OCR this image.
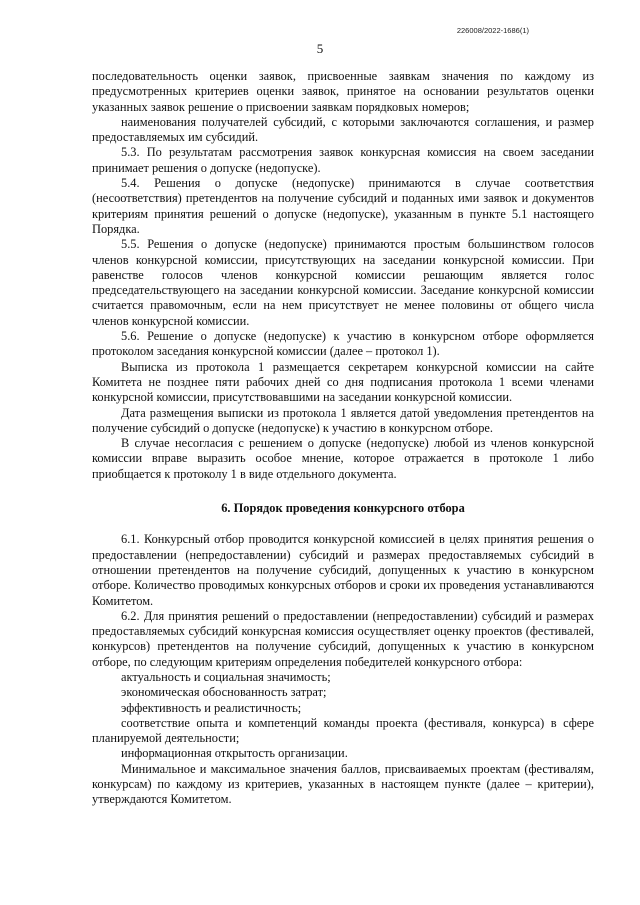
226008/2022-1686(1)
5

последовательность оценки заявок, присвоенные заявкам значения по каждому из предусмотренных критериев оценки заявок, принятое на основании результатов оценки указанных заявок решение о присвоении заявкам порядковых номеров;

наименования получателей субсидий, с которыми заключаются соглашения, и размер предоставляемых им субсидий.

5.3. По результатам рассмотрения заявок конкурсная комиссия на своем заседании принимает решения о допуске (недопуске).

5.4. Решения о допуске (недопуске) принимаются в случае соответствия (несоответствия) претендентов на получение субсидий и поданных ими заявок и документов критериям принятия решений о допуске (недопуске), указанным в пункте 5.1 настоящего Порядка.

5.5. Решения о допуске (недопуске) принимаются простым большинством голосов членов конкурсной комиссии, присутствующих на заседании конкурсной комиссии. При равенстве голосов членов конкурсной комиссии решающим является голос председательствующего на заседании конкурсной комиссии. Заседание конкурсной комиссии считается правомочным, если на нем присутствует не менее половины от общего числа членов конкурсной комиссии.

5.6. Решение о допуске (недопуске) к участию в конкурсном отборе оформляется протоколом заседания конкурсной комиссии (далее – протокол 1).

Выписка из протокола 1 размещается секретарем конкурсной комиссии на сайте Комитета не позднее пяти рабочих дней со дня подписания протокола 1 всеми членами конкурсной комиссии, присутствовавшими на заседании конкурсной комиссии.

Дата размещения выписки из протокола 1 является датой уведомления претендентов на получение субсидий о допуске (недопуске) к участию в конкурсном отборе.

В случае несогласия с решением о допуске (недопуске) любой из членов конкурсной комиссии вправе выразить особое мнение, которое отражается в протоколе 1 либо приобщается к протоколу 1 в виде отдельного документа.

6. Порядок проведения конкурсного отбора

6.1. Конкурсный отбор проводится конкурсной комиссией в целях принятия решения о предоставлении (непредоставлении) субсидий и размерах предоставляемых субсидий в отношении претендентов на получение субсидий, допущенных к участию в конкурсном отборе. Количество проводимых конкурсных отборов и сроки их проведения устанавливаются Комитетом.

6.2. Для принятия решений о предоставлении (непредоставлении) субсидий и размерах предоставляемых субсидий конкурсная комиссия осуществляет оценку проектов (фестивалей, конкурсов) претендентов на получение субсидий, допущенных к участию в конкурсном отборе, по следующим критериям определения победителей конкурсного отбора:

актуальность и социальная значимость;

экономическая обоснованность затрат;

эффективность и реалистичность;

соответствие опыта и компетенций команды проекта (фестиваля, конкурса) в сфере планируемой деятельности;

информационная открытость организации.

Минимальное и максимальное значения баллов, присваиваемых проектам (фестивалям, конкурсам) по каждому из критериев, указанных в настоящем пункте (далее – критерии), утверждаются Комитетом.
